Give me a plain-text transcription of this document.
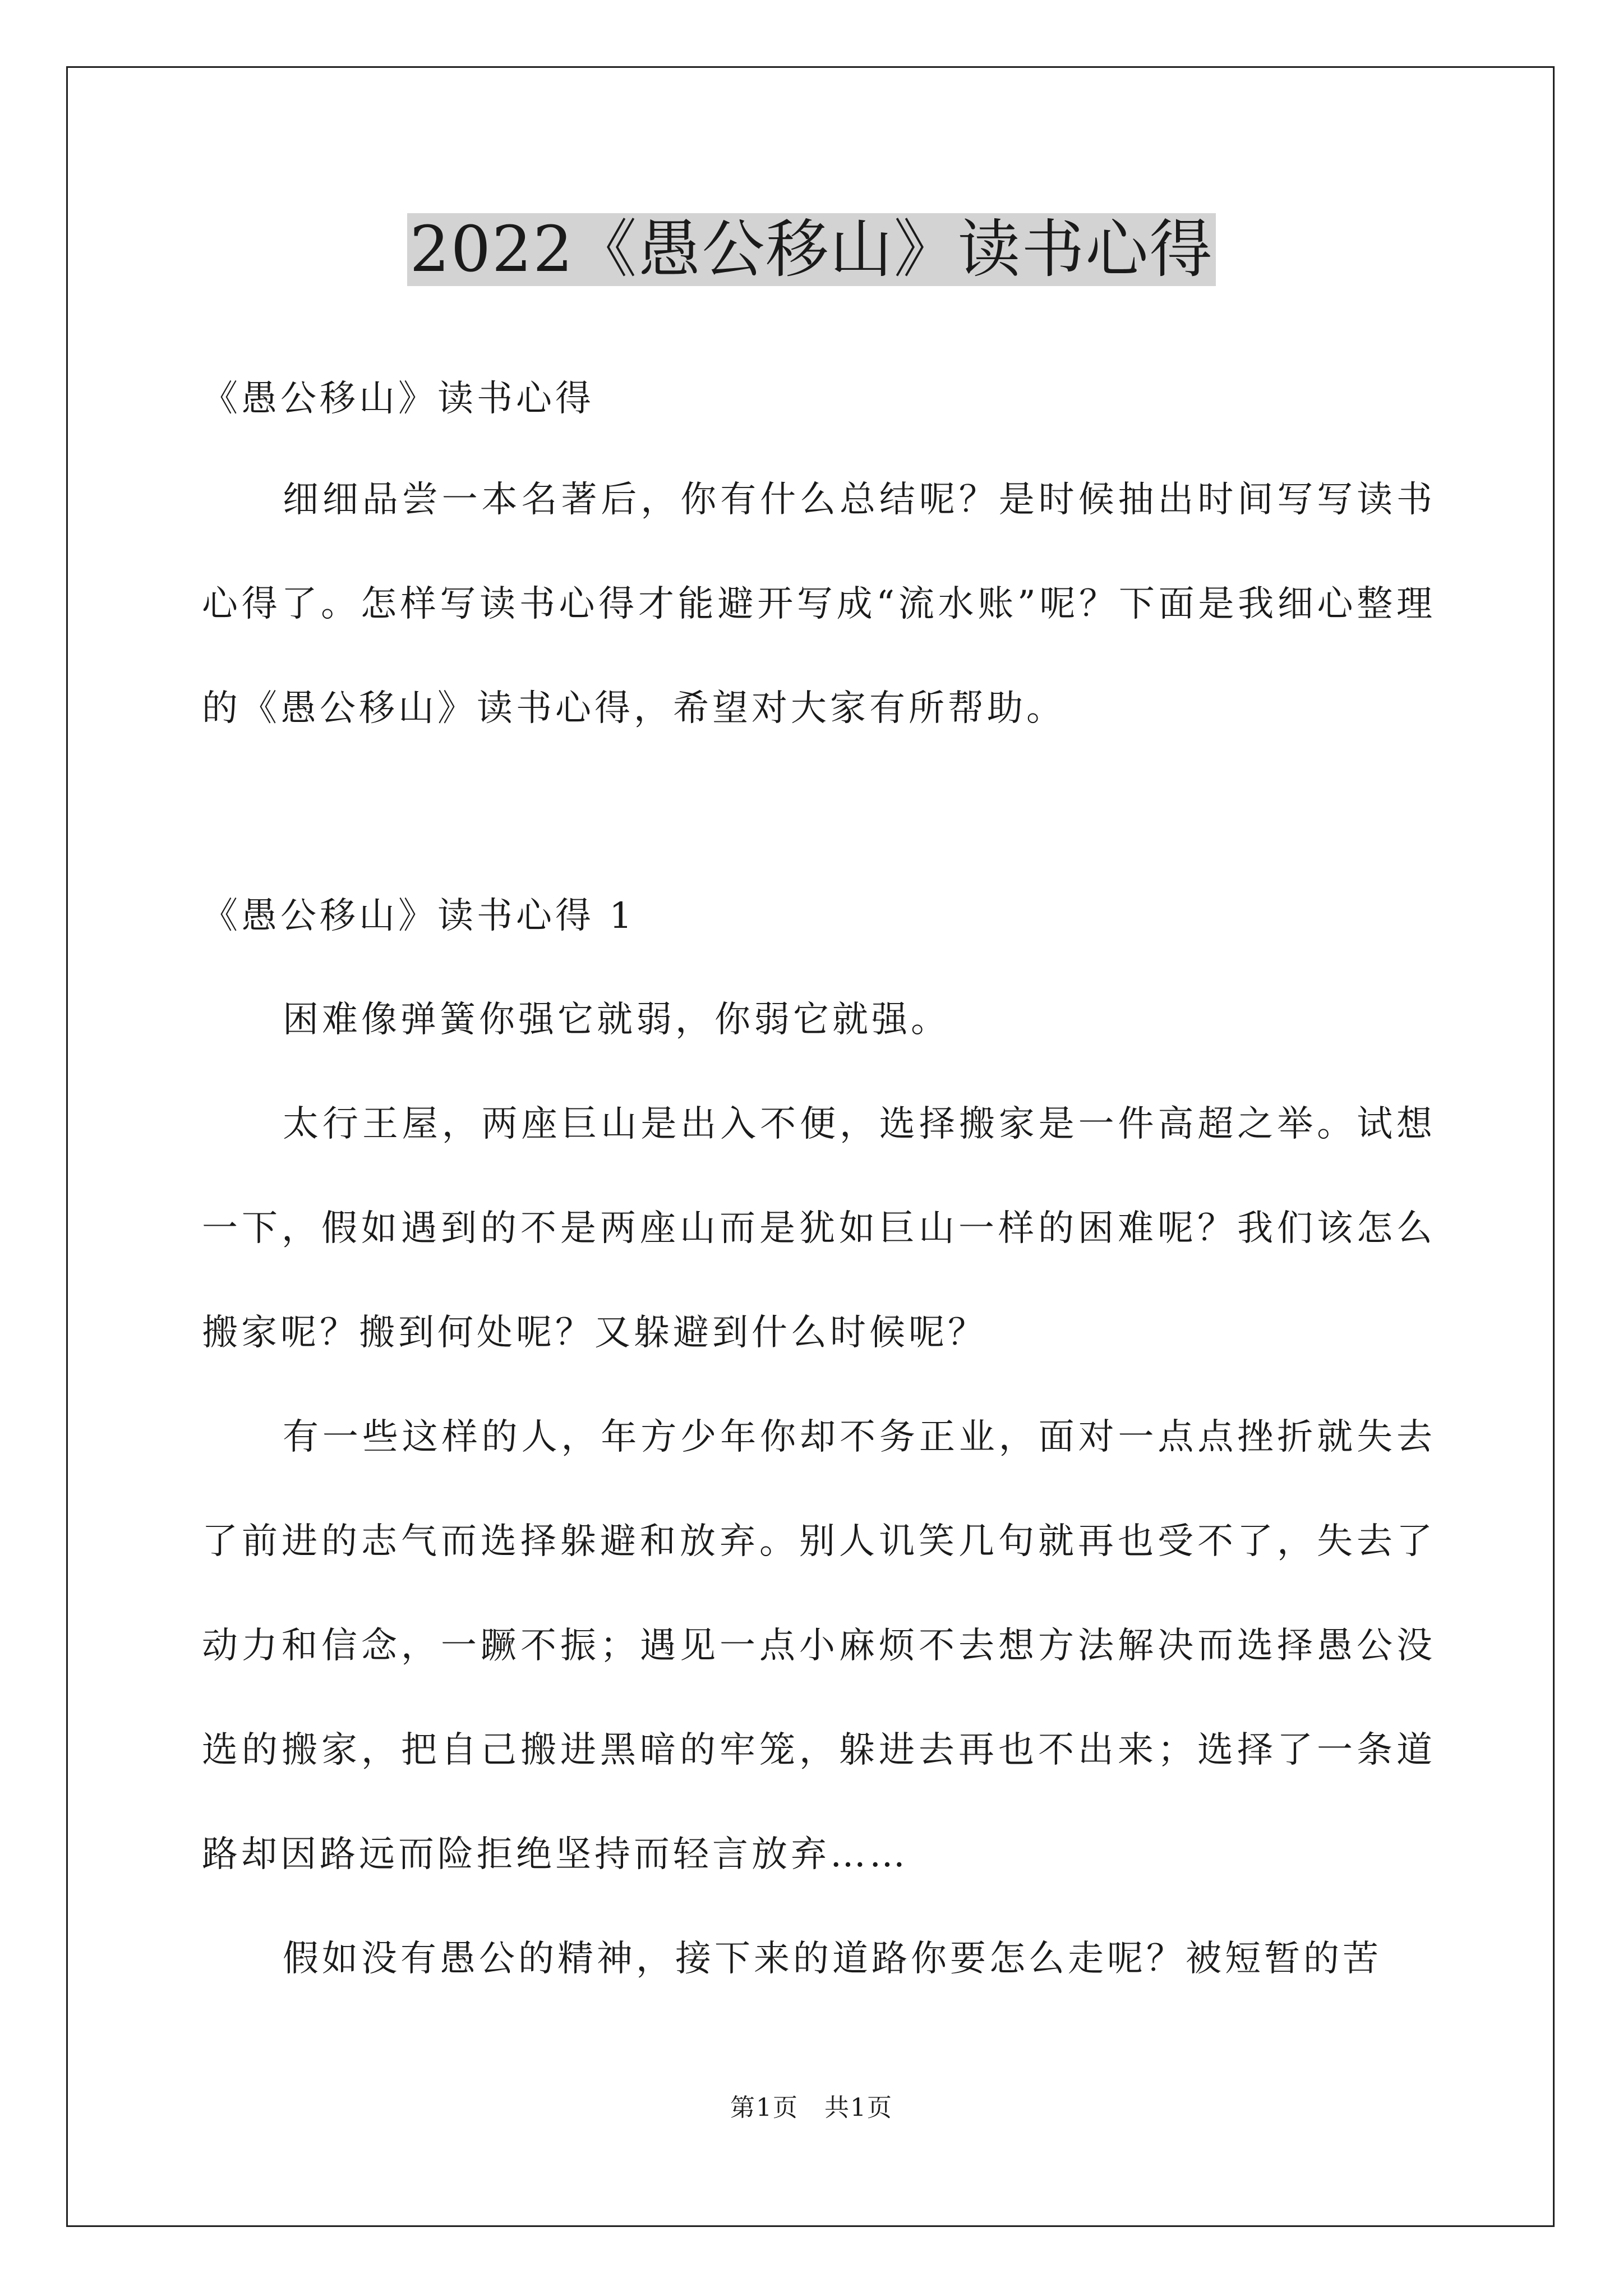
2022《愚公移山》读书心得

《愚公移山》读书心得

细细品尝一本名著后，你有什么总结呢？是时候抽出时间写写读书心得了。怎样写读书心得才能避开写成“流水账”呢？下面是我细心整理的《愚公移山》读书心得，希望对大家有所帮助。

《愚公移山》读书心得 1

困难像弹簧你强它就弱，你弱它就强。

太行王屋，两座巨山是出入不便，选择搬家是一件高超之举。试想一下，假如遇到的不是两座山而是犹如巨山一样的困难呢？我们该怎么搬家呢？搬到何处呢？又躲避到什么时候呢？

有一些这样的人，年方少年你却不务正业，面对一点点挫折就失去了前进的志气而选择躲避和放弃。别人讥笑几句就再也受不了，失去了动力和信念，一蹶不振；遇见一点小麻烦不去想方法解决而选择愚公没选的搬家，把自己搬进黑暗的牢笼，躲进去再也不出来；选择了一条道路却因路远而险拒绝坚持而轻言放弃……

假如没有愚公的精神，接下来的道路你要怎么走呢？被短暂的苦

第1页　共1页
